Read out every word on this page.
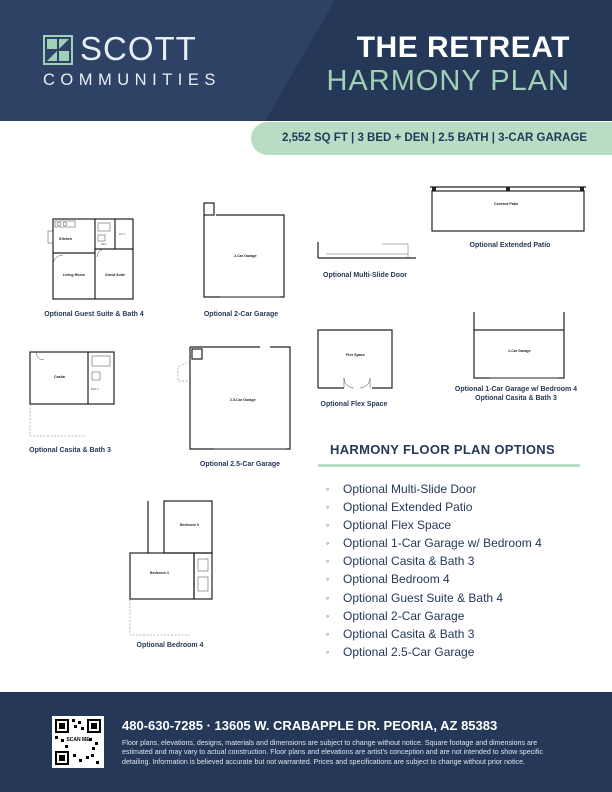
SCOTT
COMMUNITIES
THE RETREAT
HARMONY PLAN
2,552 SQ FT | 3 BED + DEN | 2.5 BATH | 3-CAR GARAGE
Kitchen
Living Room	Guest Suite
Bath
W.I.C.
Optional Guest Suite & Bath 4
2-Car Garage
Optional 2-Car Garage
Optional Multi-Slide Door
Covered Patio
Optional Extended Patio
Casita
Bath 3
Optional Casita & Bath 3
2.5-Car Garage
Optional 2.5-Car Garage
Flex Space
Optional Flex Space
1-Car Garage
Optional 1-Car Garage w/ Bedroom 4
Optional Casita & Bath 3
Bedroom 3
Bedroom 4
Optional Bedroom 4
HARMONY FLOOR PLAN OPTIONS
◦ Optional Multi-Slide Door
◦ Optional Extended Patio
◦ Optional Flex Space
◦ Optional 1-Car Garage w/ Bedroom 4
◦ Optional Casita & Bath 3
◦ Optional Bedroom 4
◦ Optional Guest Suite & Bath 4
◦ Optional 2-Car Garage
◦ Optional Casita & Bath 3
◦ Optional 2.5-Car Garage
SCAN ME
480-630-7285 · 13605 W. CRABAPPLE DR. PEORIA, AZ 85383
Floor plans, elevations, designs, materials and dimensions are subject to change without notice. Square footage and dimensions are estimated and may vary to actual construction. Floor plans and elevations are artist's conception and are not intended to show specific detailing. Information is believed accurate but not warranted. Prices and specifications are subject to change without prior notice.
